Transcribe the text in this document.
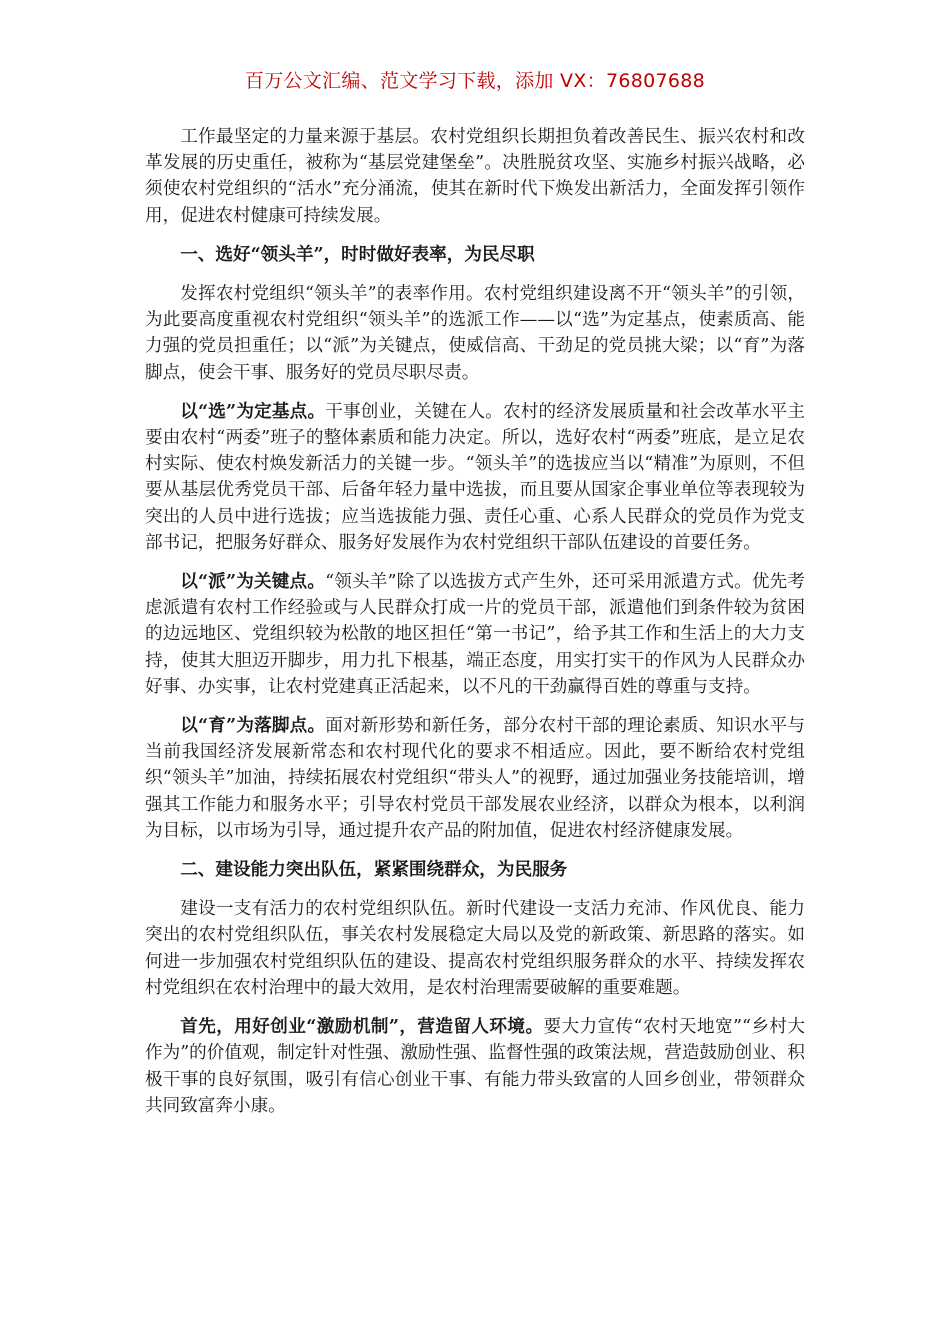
百万公文汇编、范文学习下载，添加 VX：76807688

工作最坚定的力量来源于基层。农村党组织长期担负着改善民生、振兴农村和改革发展的历史重任，被称为“基层党建堡垒”。决胜脱贫攻坚、实施乡村振兴战略，必须使农村党组织的“活水”充分涌流，使其在新时代下焕发出新活力，全面发挥引领作用，促进农村健康可持续发展。

一、选好“领头羊”，时时做好表率，为民尽职

发挥农村党组织“领头羊”的表率作用。农村党组织建设离不开“领头羊”的引领，为此要高度重视农村党组织“领头羊”的选派工作——以“选”为定基点，使素质高、能力强的党员担重任；以“派”为关键点，使威信高、干劲足的党员挑大梁；以“育”为落脚点，使会干事、服务好的党员尽职尽责。

以“选”为定基点。干事创业，关键在人。农村的经济发展质量和社会改革水平主要由农村“两委”班子的整体素质和能力决定。所以，选好农村“两委”班底，是立足农村实际、使农村焕发新活力的关键一步。“领头羊”的选拔应当以“精准”为原则，不但要从基层优秀党员干部、后备年轻力量中选拔，而且要从国家企事业单位等表现较为突出的人员中进行选拔；应当选拔能力强、责任心重、心系人民群众的党员作为党支部书记，把服务好群众、服务好发展作为农村党组织干部队伍建设的首要任务。

以“派”为关键点。“领头羊”除了以选拔方式产生外，还可采用派遣方式。优先考虑派遣有农村工作经验或与人民群众打成一片的党员干部，派遣他们到条件较为贫困的边远地区、党组织较为松散的地区担任“第一书记”，给予其工作和生活上的大力支持，使其大胆迈开脚步，用力扎下根基，端正态度，用实打实干的作风为人民群众办好事、办实事，让农村党建真正活起来，以不凡的干劲赢得百姓的尊重与支持。

以“育”为落脚点。面对新形势和新任务，部分农村干部的理论素质、知识水平与当前我国经济发展新常态和农村现代化的要求不相适应。因此，要不断给农村党组织“领头羊”加油，持续拓展农村党组织“带头人”的视野，通过加强业务技能培训，增强其工作能力和服务水平；引导农村党员干部发展农业经济，以群众为根本，以利润为目标，以市场为引导，通过提升农产品的附加值，促进农村经济健康发展。

二、建设能力突出队伍，紧紧围绕群众，为民服务

建设一支有活力的农村党组织队伍。新时代建设一支活力充沛、作风优良、能力突出的农村党组织队伍，事关农村发展稳定大局以及党的新政策、新思路的落实。如何进一步加强农村党组织队伍的建设、提高农村党组织服务群众的水平、持续发挥农村党组织在农村治理中的最大效用，是农村治理需要破解的重要难题。

首先，用好创业“激励机制”，营造留人环境。要大力宣传“农村天地宽”“乡村大作为”的价值观，制定针对性强、激励性强、监督性强的政策法规，营造鼓励创业、积极干事的良好氛围，吸引有信心创业干事、有能力带头致富的人回乡创业，带领群众共同致富奔小康。
